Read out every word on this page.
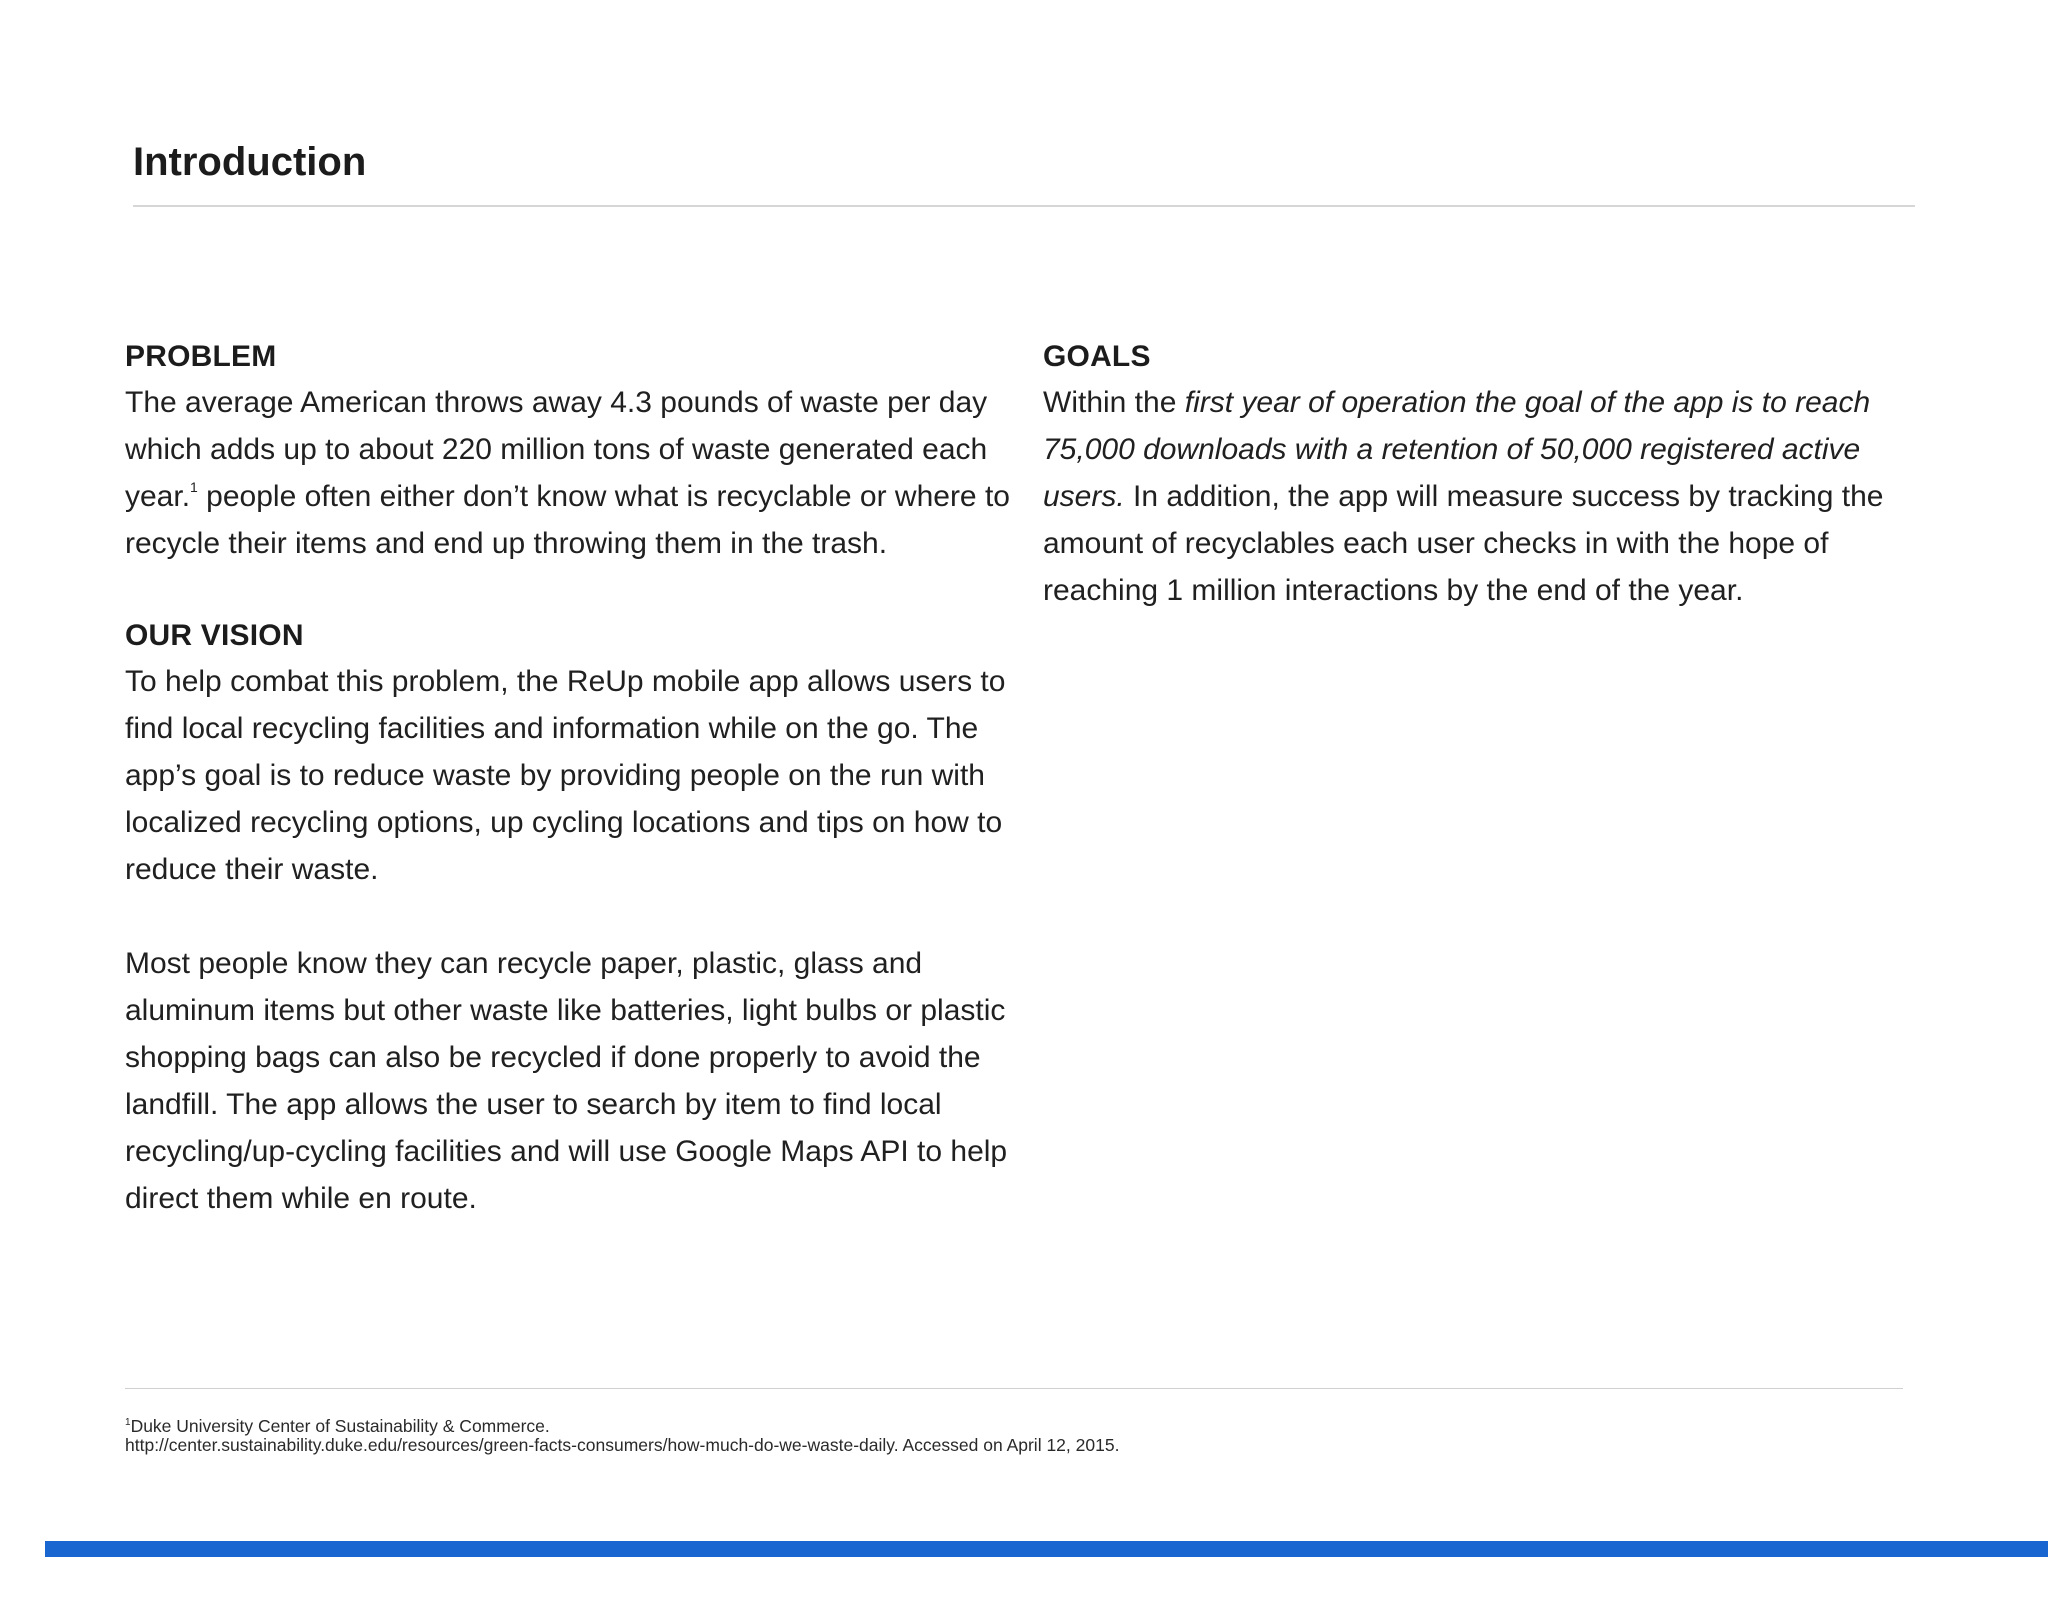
Introduction
PROBLEM

The average American throws away 4.3 pounds of waste per day which adds up to about 220 million tons of waste generated each year.$^1$ people often either don’t know what is recyclable or where to recycle their items and end up throwing them in the trash.

OUR VISION

To help combat this problem, the ReUp mobile app allows users to find local recycling facilities and information while on the go. The app’s goal is to reduce waste by providing people on the run with localized recycling options, up cycling locations and tips on how to reduce their waste.

Most people know they can recycle paper, plastic, glass and aluminum items but other waste like batteries, light bulbs or plastic shopping bags can also be recycled if done properly to avoid the landfill. The app allows the user to search by item to find local recycling/up-cycling facilities and will use Google Maps API to help direct them while en route.

GOALS

Within the first year of operation the goal of the app is to reach 75,000 downloads with a retention of 50,000 registered active users. In addition, the app will measure success by tracking the amount of recyclables each user checks in with the hope of reaching 1 million interactions by the end of the year.

$^1$Duke University Center of Sustainability & Commerce.
http://center.sustainability.duke.edu/resources/green-facts-consumers/how-much-do-we-waste-daily. Accessed on April 12, 2015.
